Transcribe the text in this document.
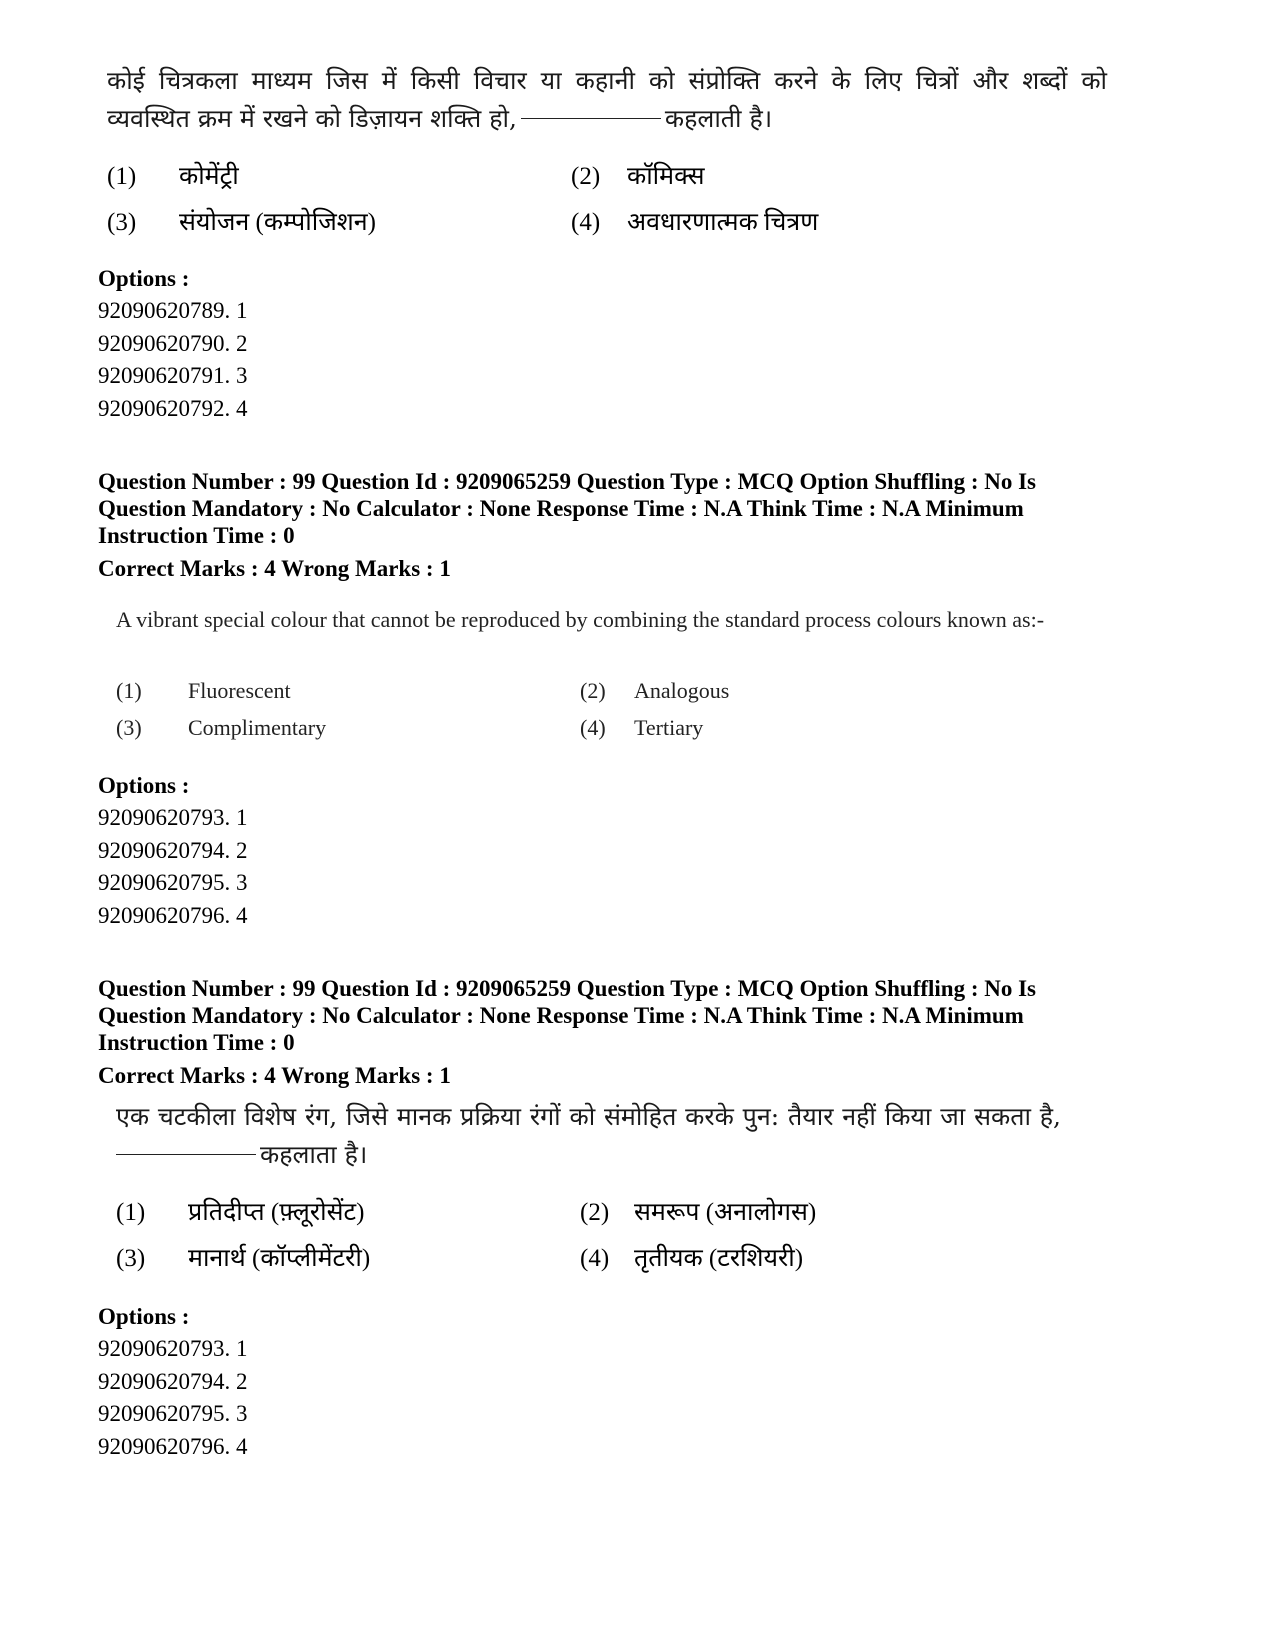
कोई चित्रकला माध्यम जिस में किसी विचार या कहानी को संप्रोक्ति करने के लिए चित्रों और शब्दों को

व्यवस्थित क्रम में रखने को डिज़ायन शक्ति हो,	कहलाती है।

(1)	कोमेंट्री	(2)	कॉमिक्स
(3)	संयोजन (कम्पोजिशन)	(4)	अवधारणात्मक चित्रण

Options :

92090620789. 1
92090620790. 2
92090620791. 3
92090620792. 4

Question Number : 99 Question Id : 9209065259 Question Type : MCQ Option Shuffling : No Is Question Mandatory : No Calculator : None Response Time : N.A Think Time : N.A Minimum Instruction Time : 0

Correct Marks : 4 Wrong Marks : 1

A vibrant special colour that cannot be reproduced by combining the standard process colours known as:-

(1)	Fluorescent	(2)	Analogous
(3)	Complimentary	(4)	Tertiary

Options :

92090620793. 1
92090620794. 2
92090620795. 3
92090620796. 4

Question Number : 99 Question Id : 9209065259 Question Type : MCQ Option Shuffling : No Is Question Mandatory : No Calculator : None Response Time : N.A Think Time : N.A Minimum Instruction Time : 0

Correct Marks : 4 Wrong Marks : 1

एक चटकीला विशेष रंग, जिसे मानक प्रक्रिया रंगों को संमोहित करके पुन: तैयार नहीं किया जा सकता है,

कहलाता है।

(1)	प्रतिदीप्त (फ़्लूरोसेंट)	(2) समरूप (अनालोगस)
(3)	मानार्थ (कॉप्लीमेंटरी)	(4) तृतीयक (टरशियरी)

Options :

92090620793. 1
92090620794. 2
92090620795. 3
92090620796. 4
